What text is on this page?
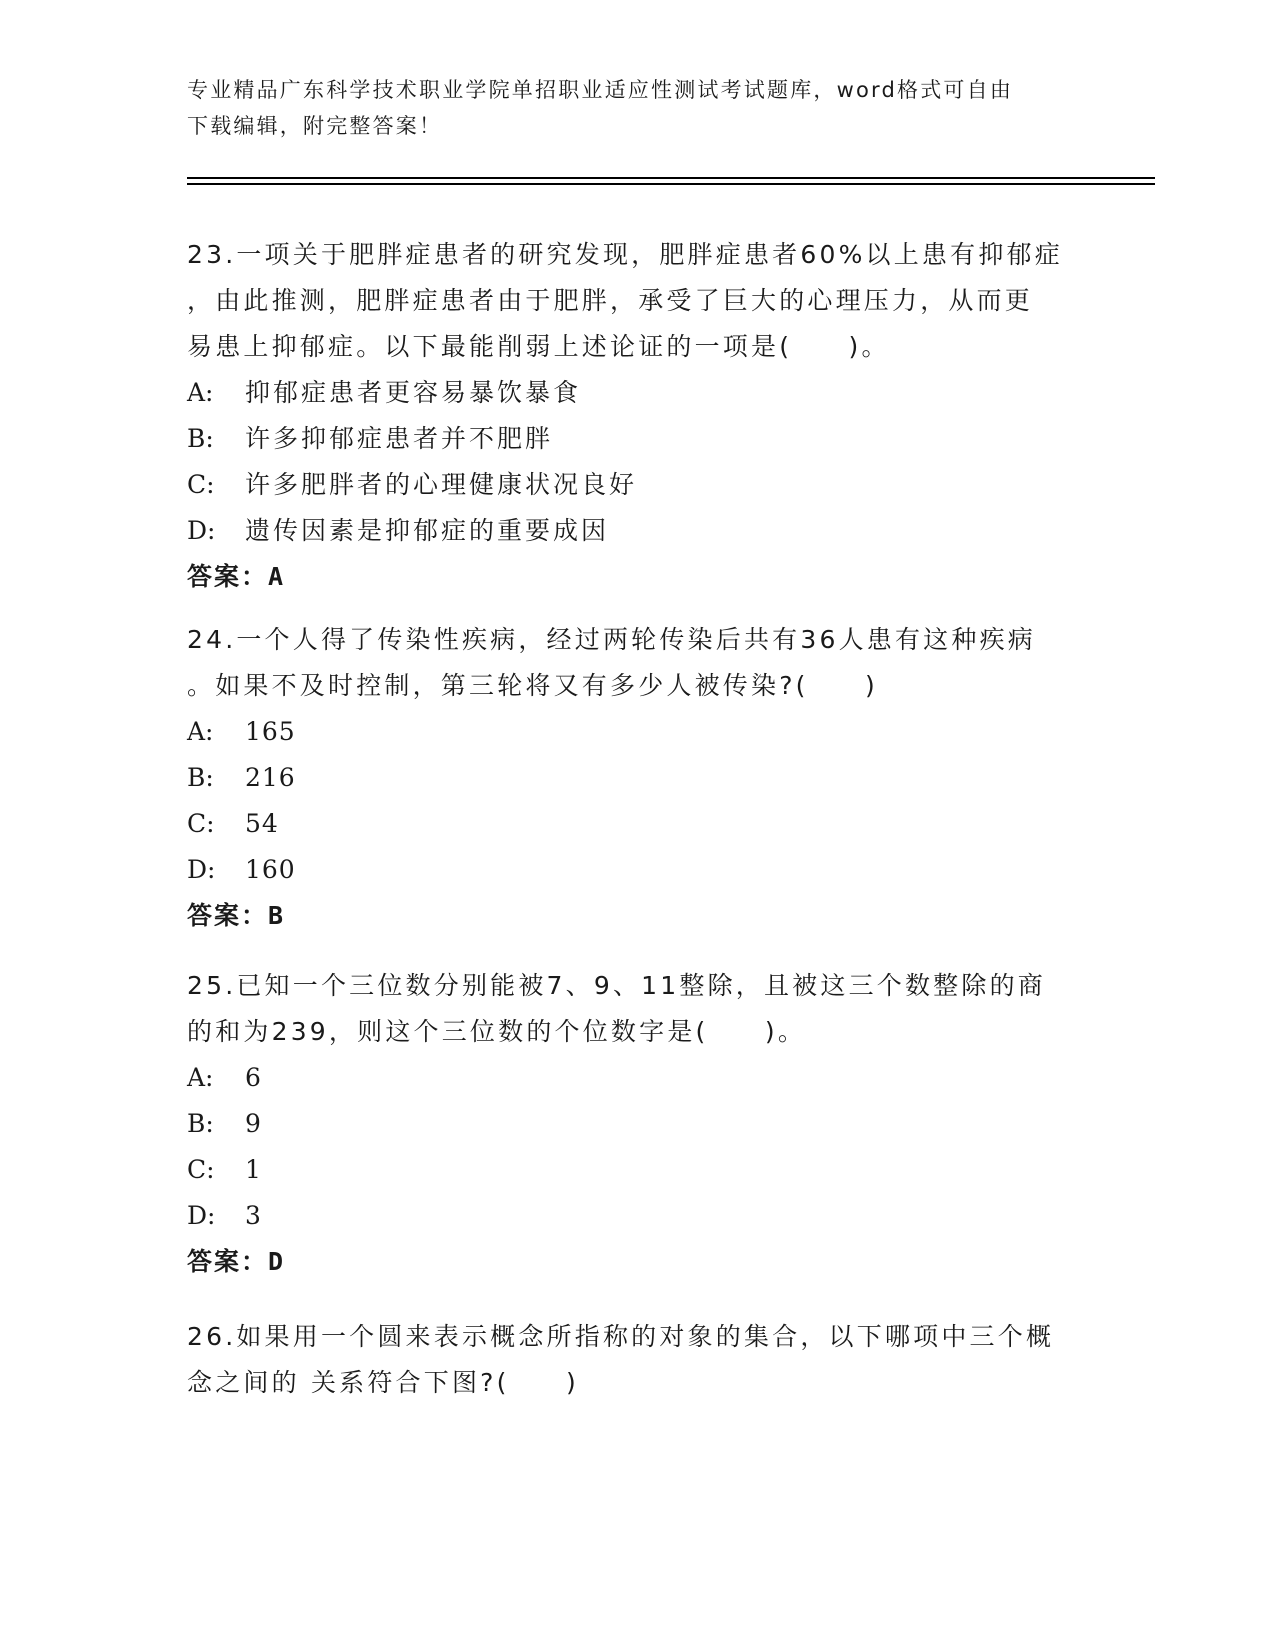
专业精品广东科学技术职业学院单招职业适应性测试考试题库，word格式可自由
下载编辑，附完整答案！
23.一项关于肥胖症患者的研究发现，肥胖症患者60%以上患有抑郁症
，由此推测，肥胖症患者由于肥胖，承受了巨大的心理压力，从而更
易患上抑郁症。以下最能削弱上述论证的一项是(　　)。
A:	抑郁症患者更容易暴饮暴食
B:	许多抑郁症患者并不肥胖
C:	许多肥胖者的心理健康状况良好
D:	遗传因素是抑郁症的重要成因
答案：A
24.一个人得了传染性疾病，经过两轮传染后共有36人患有这种疾病
。如果不及时控制，第三轮将又有多少人被传染?(　　)
A:	165
B:	216
C:	54
D:	160
答案：B
25.已知一个三位数分别能被7、9、11整除，且被这三个数整除的商
的和为239，则这个三位数的个位数字是(　　)。
A:	6
B:	9
C:	1
D:	3
答案：D
26.如果用一个圆来表示概念所指称的对象的集合，以下哪项中三个概
念之间的 关系符合下图?(　　)
